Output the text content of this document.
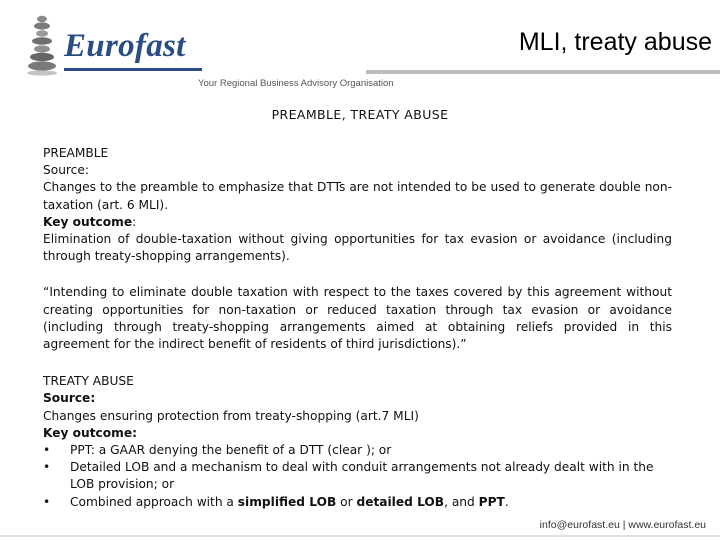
Eurofast
Your Regional Business Advisory Organisation
MLI, treaty abuse
PREAMBLE, TREATY ABUSE

PREAMBLE

Source:

Changes to the preamble to emphasize that DTTs are not intended to be used to generate double non-taxation (art. 6 MLI).

Key outcome:

Elimination of double-taxation without giving opportunities for tax evasion or avoidance (including through treaty-shopping arrangements).

“Intending to eliminate double taxation with respect to the taxes covered by this agreement without creating opportunities for non-taxation or reduced taxation through tax evasion or avoidance (including through treaty-shopping arrangements aimed at obtaining reliefs provided in this agreement for the indirect benefit of residents of third jurisdictions).”

TREATY ABUSE

Source:

Changes ensuring protection from treaty-shopping (art.7 MLI)

Key outcome:

• PPT: a GAAR denying the benefit of a DTT (clear ); or
• Detailed LOB and a mechanism to deal with conduit arrangements not already dealt with in the LOB provision; or
• Combined approach with a simplified LOB or detailed LOB, and PPT.
info@eurofast.eu | www.eurofast.eu
